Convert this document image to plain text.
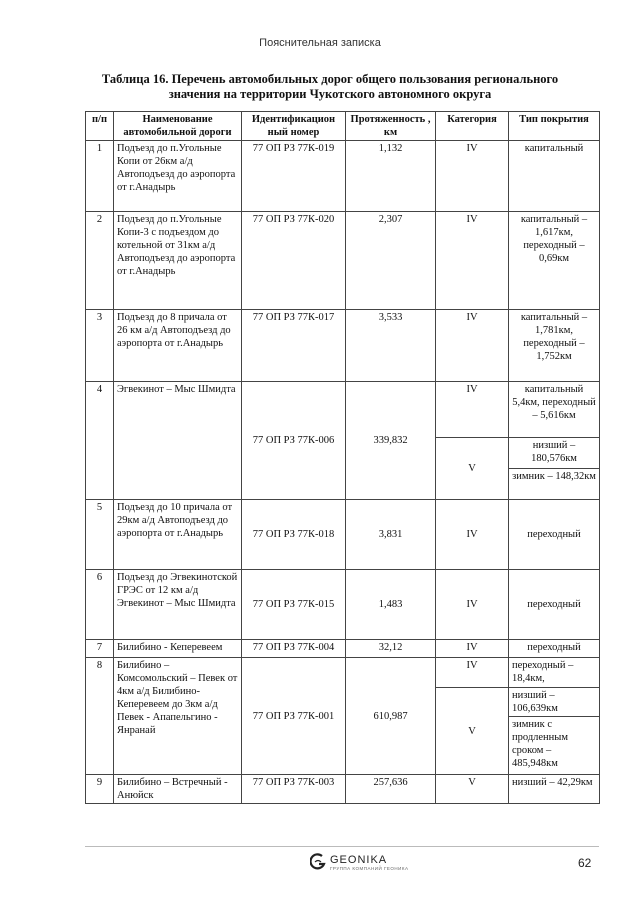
Пояснительная записка
Таблица 16. Перечень автомобильных дорог общего пользования регионального значения на территории Чукотского автономного округа
п/п	Наименование автомобильной дороги	Идентификацион ный номер	Протяженность , км	Категория	Тип покрытия
1	Подъезд до п.Угольные Копи от 26км а/д Автоподъезд до аэропорта от г.Анадырь	77 ОП РЗ 77К-019	1,132	IV	капитальный
2	Подъезд до п.Угольные Копи-3 с подъездом до котельной от 31км а/д Автоподъезд до аэропорта от г.Анадырь	77 ОП РЗ 77К-020	2,307	IV	капитальный – 1,617км, переходный – 0,69км
3	Подъезд до 8 причала от 26 км а/д Автоподъезд до аэропорта от г.Анадырь	77 ОП РЗ 77К-017	3,533	IV	капитальный – 1,781км, переходный – 1,752км
4	Эгвекинот – Мыс Шмидта	77 ОП РЗ 77К-006	339,832	IV	капитальный 5,4км, переходный – 5,616км
				V	низший – 180,576км
					зимник – 148,32км
5	Подъезд до 10 причала от 29км а/д Автоподъезд до аэропорта от г.Анадырь	77 ОП РЗ 77К-018	3,831	IV	переходный
6	Подъезд до Эгвекинотской ГРЭС от 12 км а/д Эгвекинот – Мыс Шмидта	77 ОП РЗ 77К-015	1,483	IV	переходный
7	Билибино - Кеперевеем	77 ОП РЗ 77К-004	32,12	IV	переходный
8	Билибино – Комсомольский – Певек от 4км а/д Билибино-Кеперевеем до 3км а/д Певек - Апапельгино - Янранай	77 ОП РЗ 77К-001	610,987	IV	переходный – 18,4км,
				V	низший – 106,639км
					зимник с продленным сроком – 485,948км
9	Билибино – Встречный - Анюйск	77 ОП РЗ 77К-003	257,636	V	низший – 42,29км
GEONIKA
ГРУППА КОМПАНИЙ ГЕОНИКА	62
